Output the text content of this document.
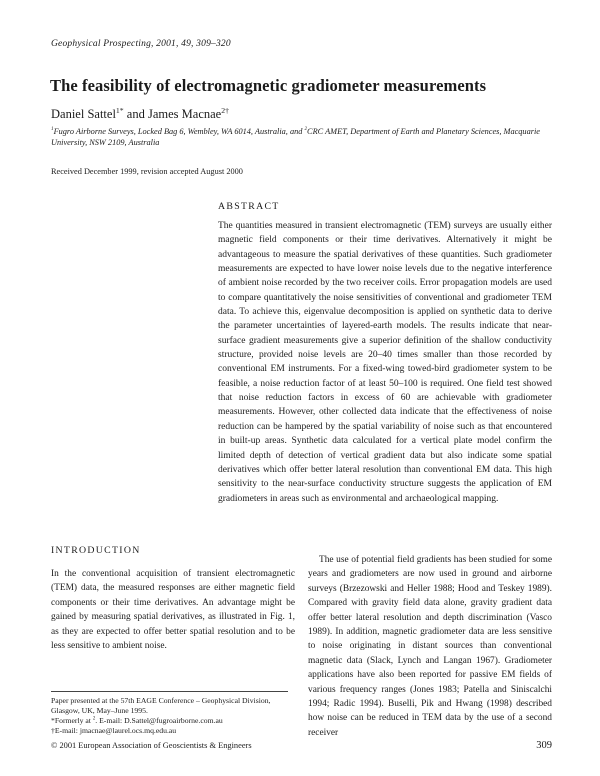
Geophysical Prospecting, 2001, 49, 309–320
The feasibility of electromagnetic gradiometer measurements
Daniel Sattel$^{1*}$ and James Macnae$^{2\dagger}$
$^1$Fugro Airborne Surveys, Locked Bag 6, Wembley, WA 6014, Australia, and $^2$CRC AMET, Department of Earth and Planetary Sciences, Macquarie University, NSW 2109, Australia
Received December 1999, revision accepted August 2000
ABSTRACT
The quantities measured in transient electromagnetic (TEM) surveys are usually either magnetic field components or their time derivatives. Alternatively it might be advantageous to measure the spatial derivatives of these quantities. Such gradiometer measurements are expected to have lower noise levels due to the negative interference of ambient noise recorded by the two receiver coils. Error propagation models are used to compare quantitatively the noise sensitivities of conventional and gradiometer TEM data. To achieve this, eigenvalue decomposition is applied on synthetic data to derive the parameter uncertainties of layered-earth models. The results indicate that near-surface gradient measurements give a superior definition of the shallow conductivity structure, provided noise levels are 20–40 times smaller than those recorded by conventional EM instruments. For a fixed-wing towed-bird gradiometer system to be feasible, a noise reduction factor of at least 50–100 is required. One field test showed that noise reduction factors in excess of 60 are achievable with gradiometer measurements. However, other collected data indicate that the effectiveness of noise reduction can be hampered by the spatial variability of noise such as that encountered in built-up areas. Synthetic data calculated for a vertical plate model confirm the limited depth of detection of vertical gradient data but also indicate some spatial derivatives which offer better lateral resolution than conventional EM data. This high sensitivity to the near-surface conductivity structure suggests the application of EM gradiometers in areas such as environmental and archaeological mapping.
INTRODUCTION
In the conventional acquisition of transient electromagnetic (TEM) data, the measured responses are either magnetic field components or their time derivatives. An advantage might be gained by measuring spatial derivatives, as illustrated in Fig. 1, as they are expected to offer better spatial resolution and to be less sensitive to ambient noise.
The use of potential field gradients has been studied for some years and gradiometers are now used in ground and airborne surveys (Brzezowski and Heller 1988; Hood and Teskey 1989). Compared with gravity field data alone, gravity gradient data offer better lateral resolution and depth discrimination (Vasco 1989). In addition, magnetic gradiometer data are less sensitive to noise originating in distant sources than conventional magnetic data (Slack, Lynch and Langan 1967). Gradiometer applications have also been reported for passive EM fields of various frequency ranges (Jones 1983; Patella and Siniscalchi 1994; Radic 1994). Buselli, Pik and Hwang (1998) described how noise can be reduced in TEM data by the use of a second receiver
Paper presented at the 57th EAGE Conference – Geophysical Division, Glasgow, UK, May–June 1995.
*Formerly at $^2$. E-mail: D.Sattel@fugroairborne.com.au
†E-mail: jmacnae@laurel.ocs.mq.edu.au
© 2001 European Association of Geoscientists & Engineers	309
